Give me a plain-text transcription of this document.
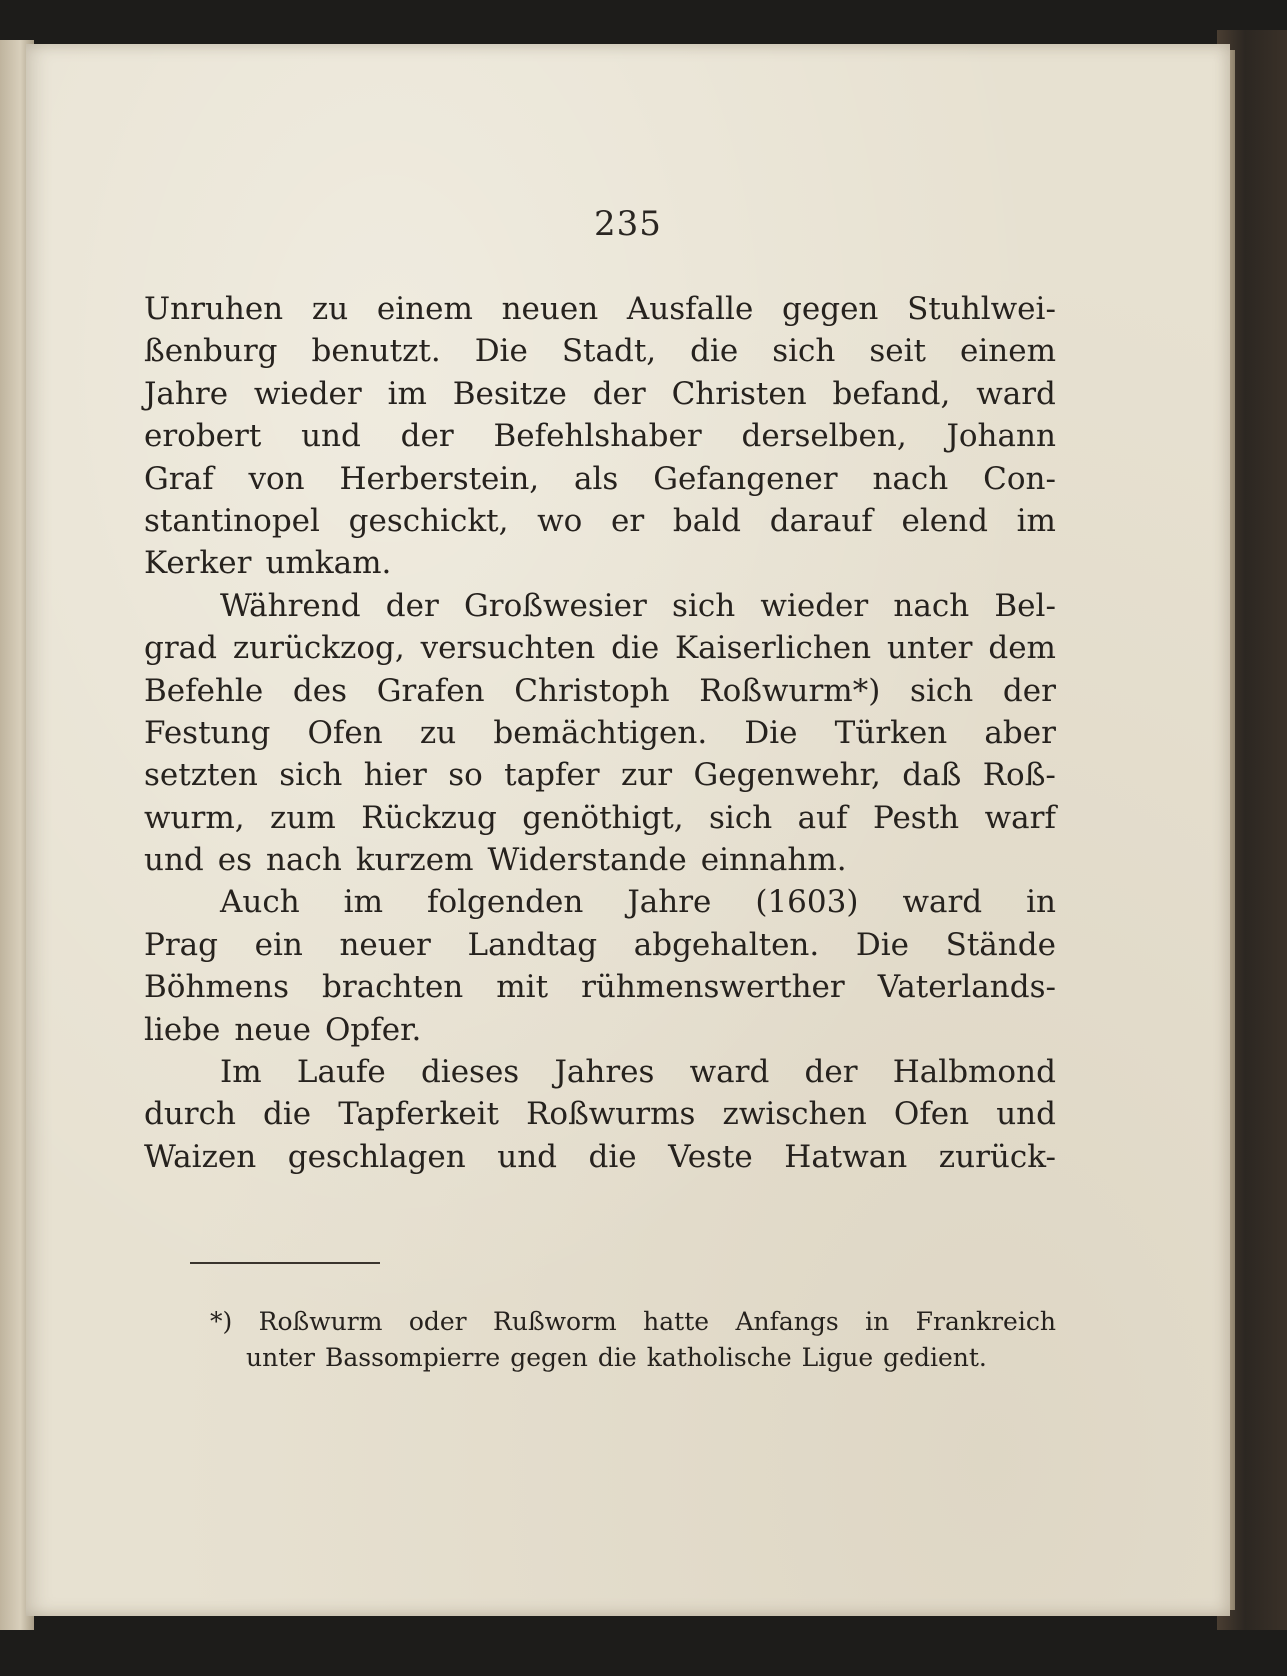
235
Unruhen zu einem neuen Ausfalle gegen Stuhlwei-
ßenburg benutzt. Die Stadt, die sich seit einem
Jahre wieder im Besitze der Christen befand, ward
erobert und der Befehlshaber derselben, Johann
Graf von Herberstein, als Gefangener nach Con-
stantinopel geschickt, wo er bald darauf elend im
Kerker umkam.
Während der Großwesier sich wieder nach Bel-
grad zurückzog, versuchten die Kaiserlichen unter dem
Befehle des Grafen Christoph Roßwurm*) sich der
Festung Ofen zu bemächtigen. Die Türken aber
setzten sich hier so tapfer zur Gegenwehr, daß Roß-
wurm, zum Rückzug genöthigt, sich auf Pesth warf
und es nach kurzem Widerstande einnahm.
Auch im folgenden Jahre (1603) ward in
Prag ein neuer Landtag abgehalten. Die Stände
Böhmens brachten mit rühmenswerther Vaterlands-
liebe neue Opfer.
Im Laufe dieses Jahres ward der Halbmond
durch die Tapferkeit Roßwurms zwischen Ofen und
Waizen geschlagen und die Veste Hatwan zurück-
*) Roßwurm oder Rußworm hatte Anfangs in Frankreich
unter Bassompierre gegen die katholische Ligue gedient.
